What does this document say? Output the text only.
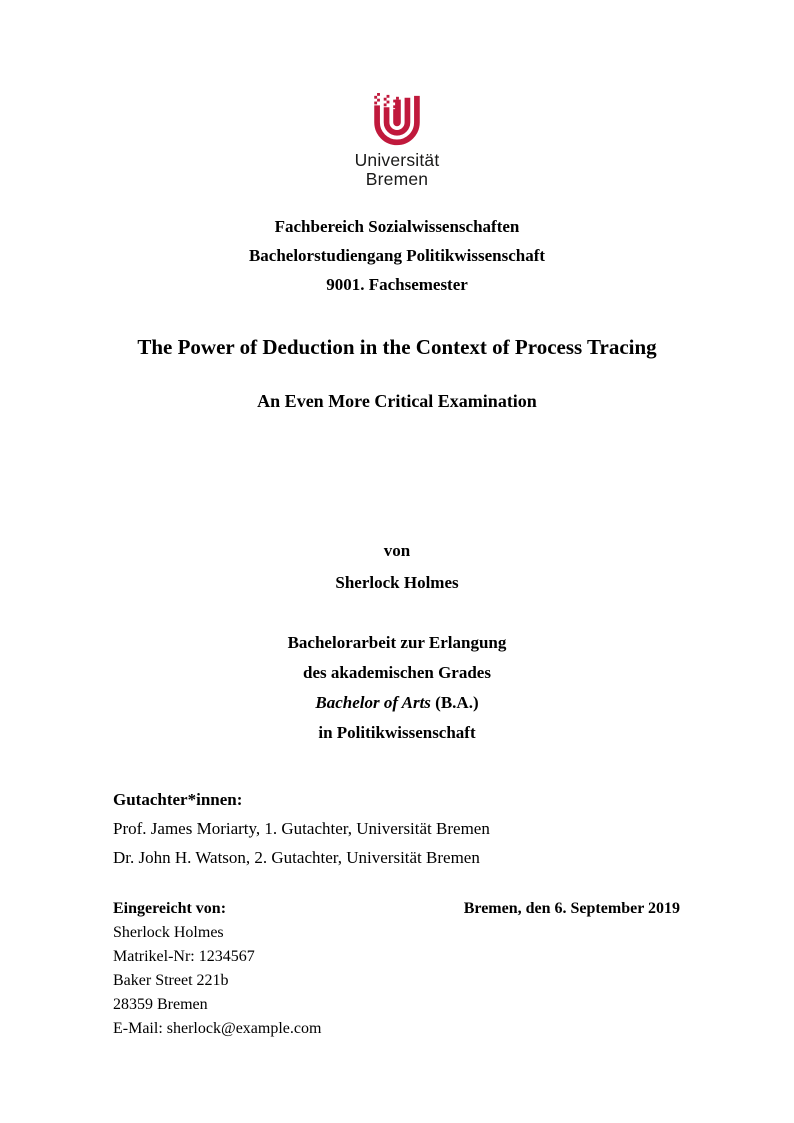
Universität
Bremen
Fachbereich Sozialwissenschaften
Bachelorstudiengang Politikwissenschaft
9001. Fachsemester
The Power of Deduction in the Context of Process Tracing
An Even More Critical Examination
von
Sherlock Holmes
Bachelorarbeit zur Erlangung
des akademischen Grades
Bachelor of Arts (B.A.)
in Politikwissenschaft
Gutachter*innen:
Prof. James Moriarty, 1. Gutachter, Universität Bremen
Dr. John H. Watson, 2. Gutachter, Universität Bremen
Eingereicht von:	Bremen, den 6. September 2019
Sherlock Holmes
Matrikel-Nr: 1234567
Baker Street 221b
28359 Bremen
E-Mail: sherlock@example.com
